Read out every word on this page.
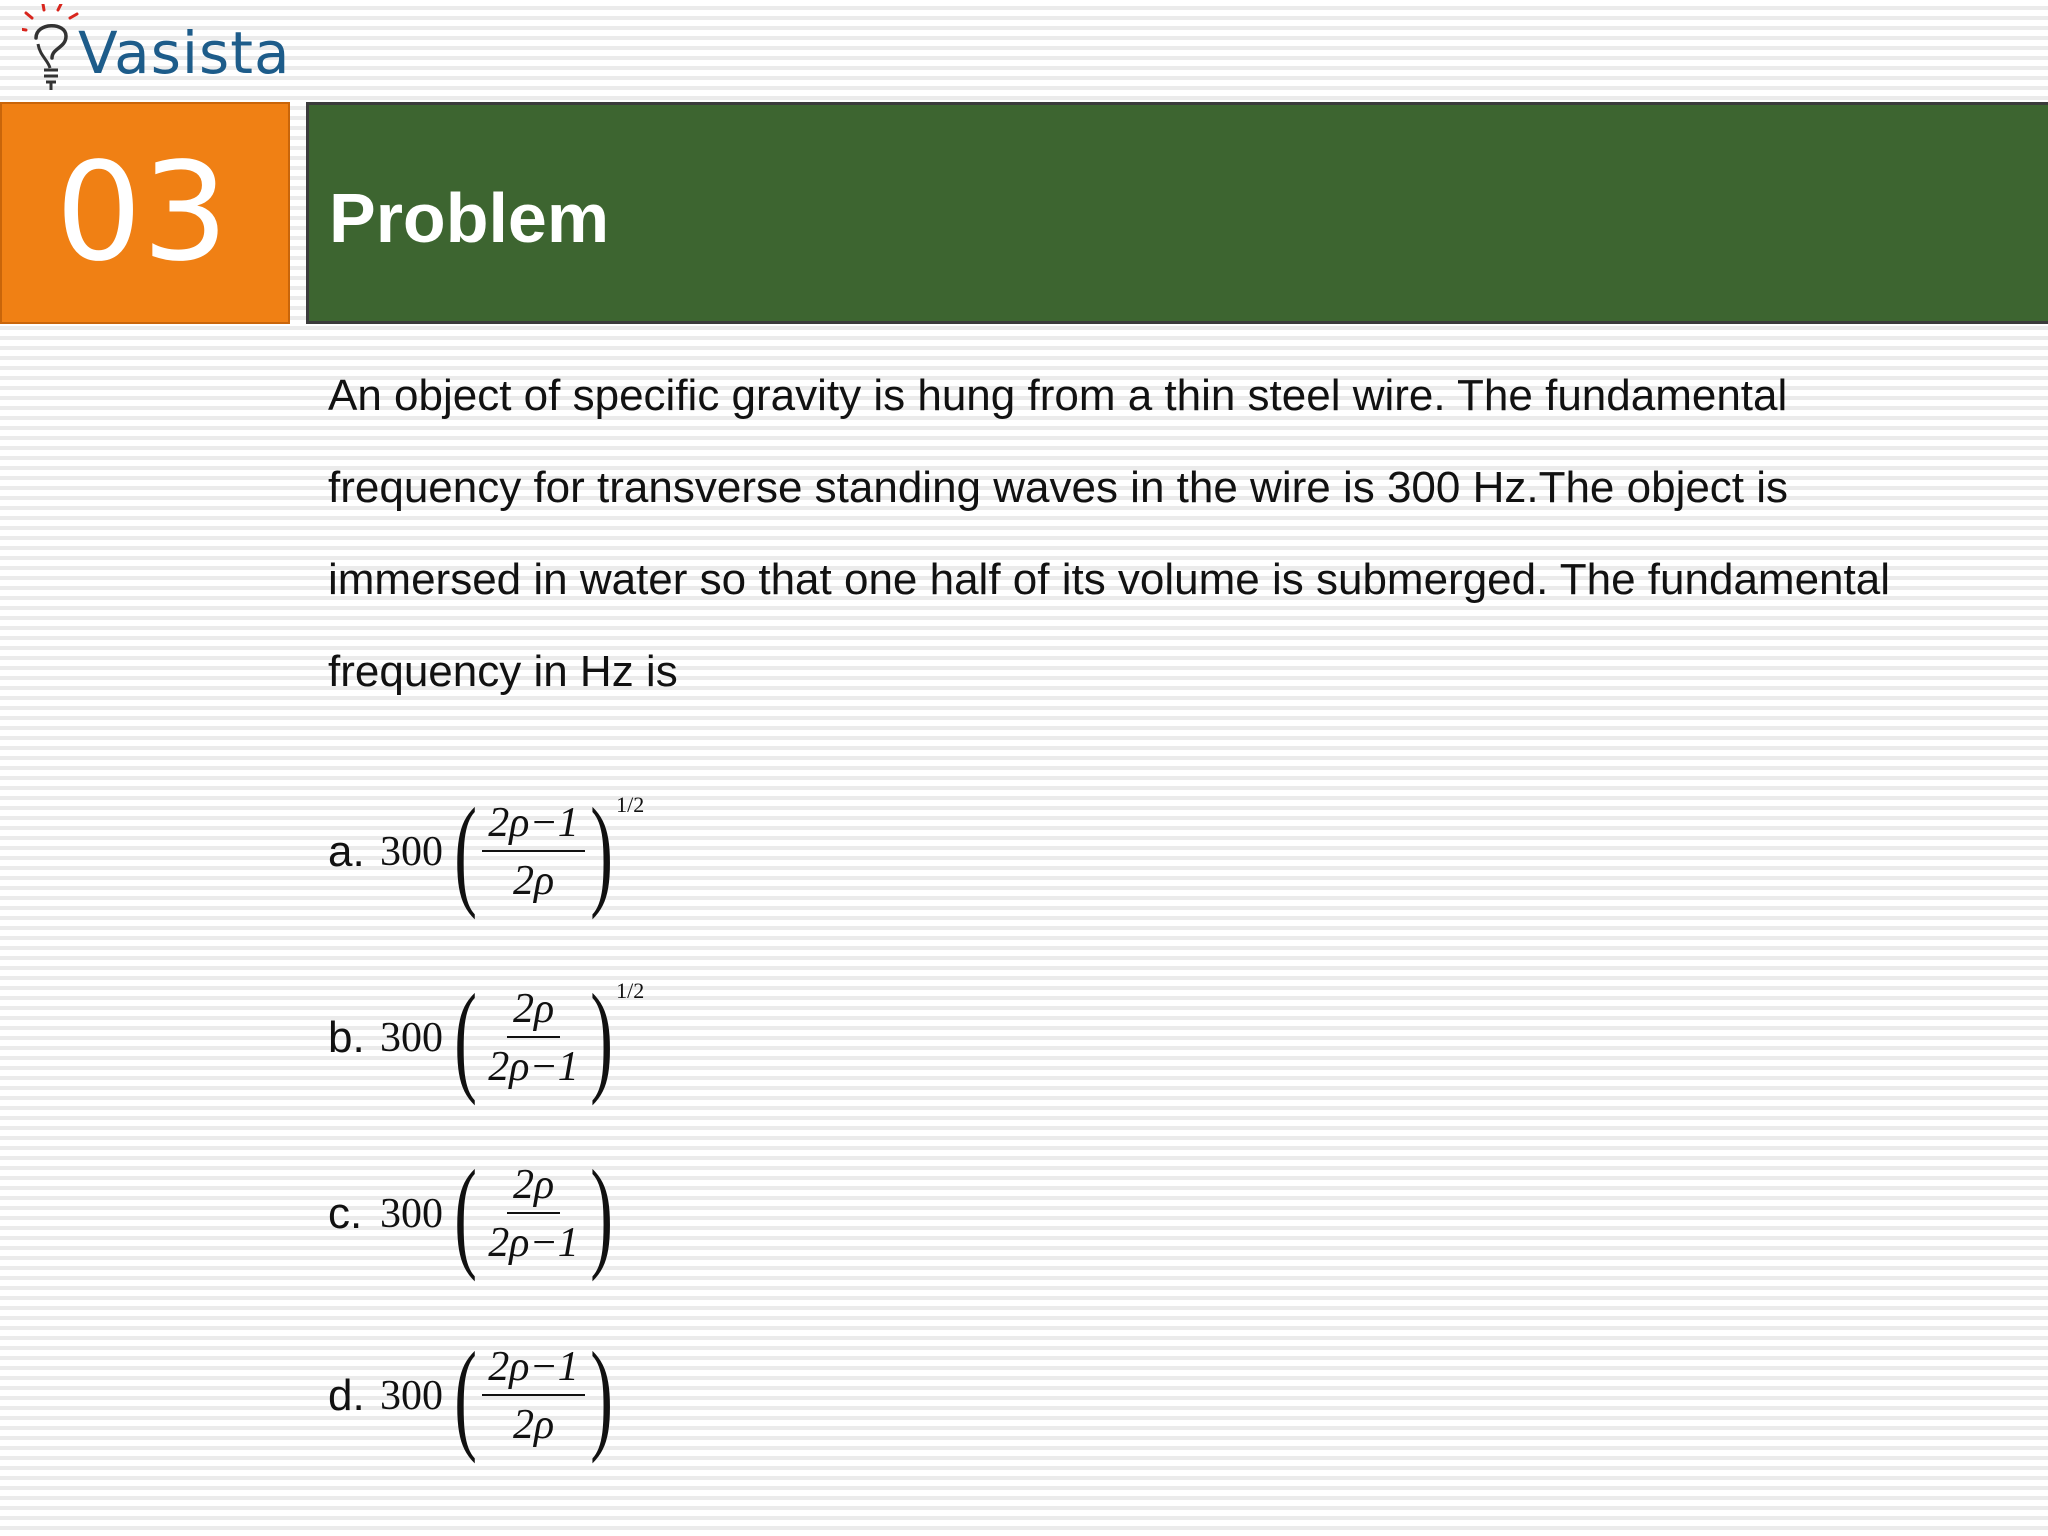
Vasista
03 Problem
An object of specific gravity is hung from a thin steel wire. The fundamental
frequency for transverse standing waves in the wire is 300 Hz.The object is
immersed in water so that one half of its volume is submerged. The fundamental
frequency in Hz is
a. 300 ( $\frac{2\rho-1}{2\rho}$ ) 1/2
b. 300 ( $\frac{2\rho}{2\rho-1}$ ) 1/2
c. 300 ( $\frac{2\rho}{2\rho-1}$ )
d. 300 ( $\frac{2\rho-1}{2\rho}$ )
